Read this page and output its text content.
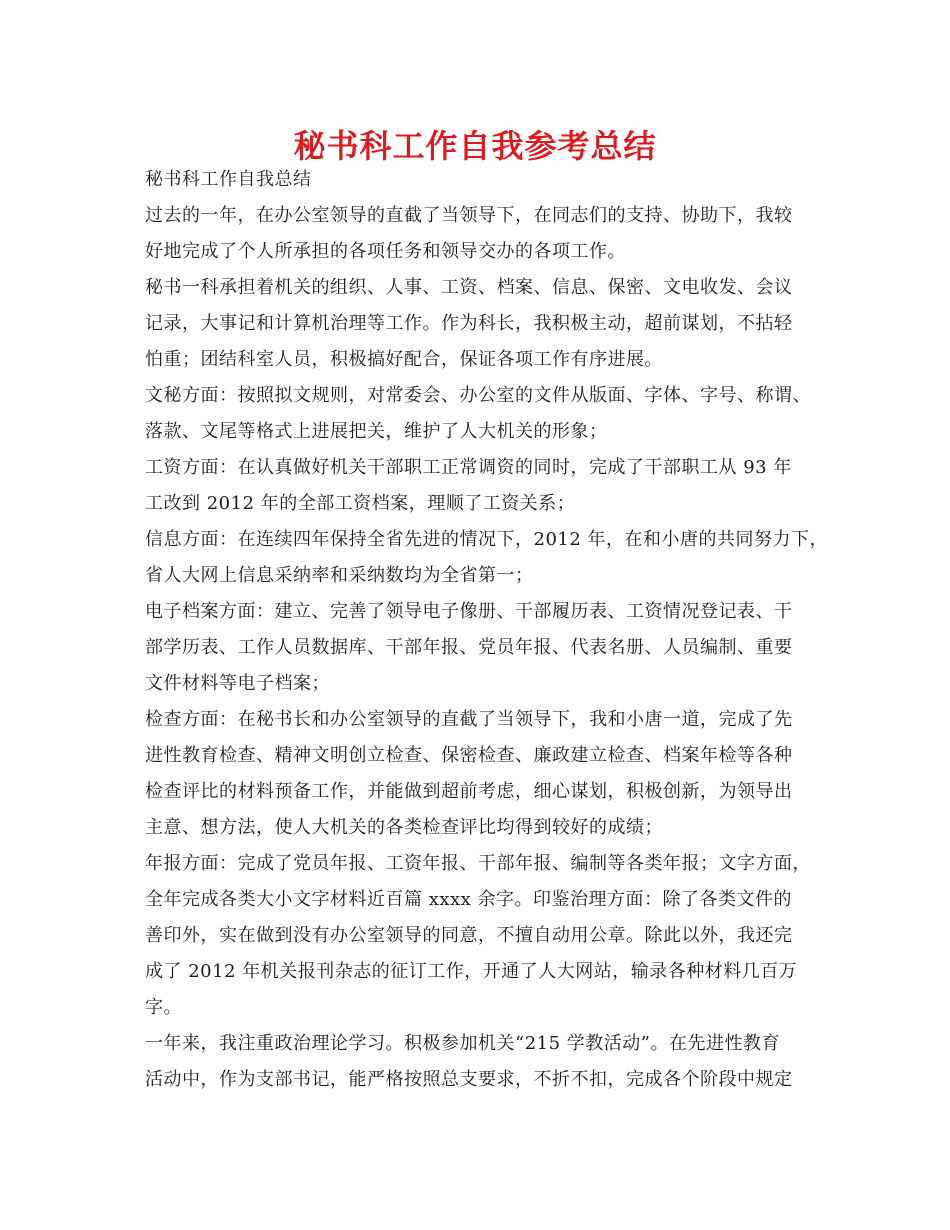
秘书科工作自我参考总结
秘书科工作自我总结
过去的一年，在办公室领导的直截了当领导下，在同志们的支持、协助下，我较
好地完成了个人所承担的各项任务和领导交办的各项工作。
秘书一科承担着机关的组织、人事、工资、档案、信息、保密、文电收发、会议
记录，大事记和计算机治理等工作。作为科长，我积极主动，超前谋划，不拈轻
怕重；团结科室人员，积极搞好配合，保证各项工作有序进展。
文秘方面：按照拟文规则，对常委会、办公室的文件从版面、字体、字号、称谓、
落款、文尾等格式上进展把关，维护了人大机关的形象；
工资方面：在认真做好机关干部职工正常调资的同时，完成了干部职工从 93 年
工改到 2012 年的全部工资档案，理顺了工资关系；
信息方面：在连续四年保持全省先进的情况下，2012 年，在和小唐的共同努力下，
省人大网上信息采纳率和采纳数均为全省第一；
电子档案方面：建立、完善了领导电子像册、干部履历表、工资情况登记表、干
部学历表、工作人员数据库、干部年报、党员年报、代表名册、人员编制、重要
文件材料等电子档案；
检查方面：在秘书长和办公室领导的直截了当领导下，我和小唐一道，完成了先
进性教育检查、精神文明创立检查、保密检查、廉政建立检查、档案年检等各种
检查评比的材料预备工作，并能做到超前考虑，细心谋划，积极创新，为领导出
主意、想方法，使人大机关的各类检查评比均得到较好的成绩；
年报方面：完成了党员年报、工资年报、干部年报、编制等各类年报；文字方面，
全年完成各类大小文字材料近百篇 xxxx 余字。印鉴治理方面：除了各类文件的
善印外，实在做到没有办公室领导的同意，不擅自动用公章。除此以外，我还完
成了 2012 年机关报刊杂志的征订工作，开通了人大网站，输录各种材料几百万
字。
一年来，我注重政治理论学习。积极参加机关“215 学教活动”。在先进性教育
活动中，作为支部书记，能严格按照总支要求，不折不扣，完成各个阶段中规定
